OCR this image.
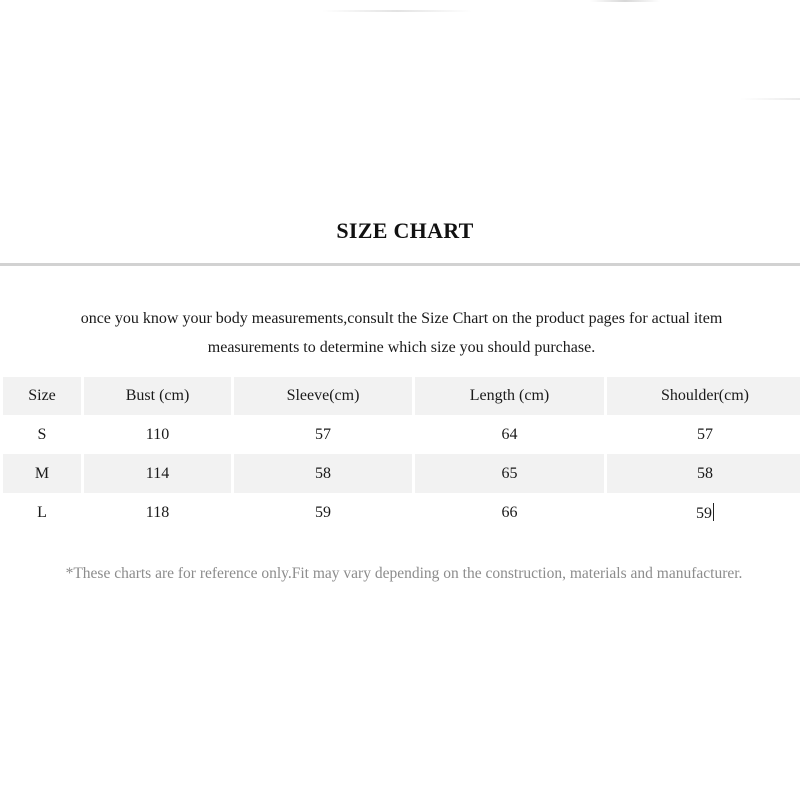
SIZE CHART
once you know your body measurements,consult the Size Chart on the product pages for actual item
measurements to determine which size you should purchase.
Size	Bust (cm)	Sleeve(cm)	Length (cm)	Shoulder(cm)
S	110	57	64	57
M	114	58	65	58
L	118	59	66	59
*These charts are for reference only.Fit may vary depending on the construction, materials and manufacturer.
